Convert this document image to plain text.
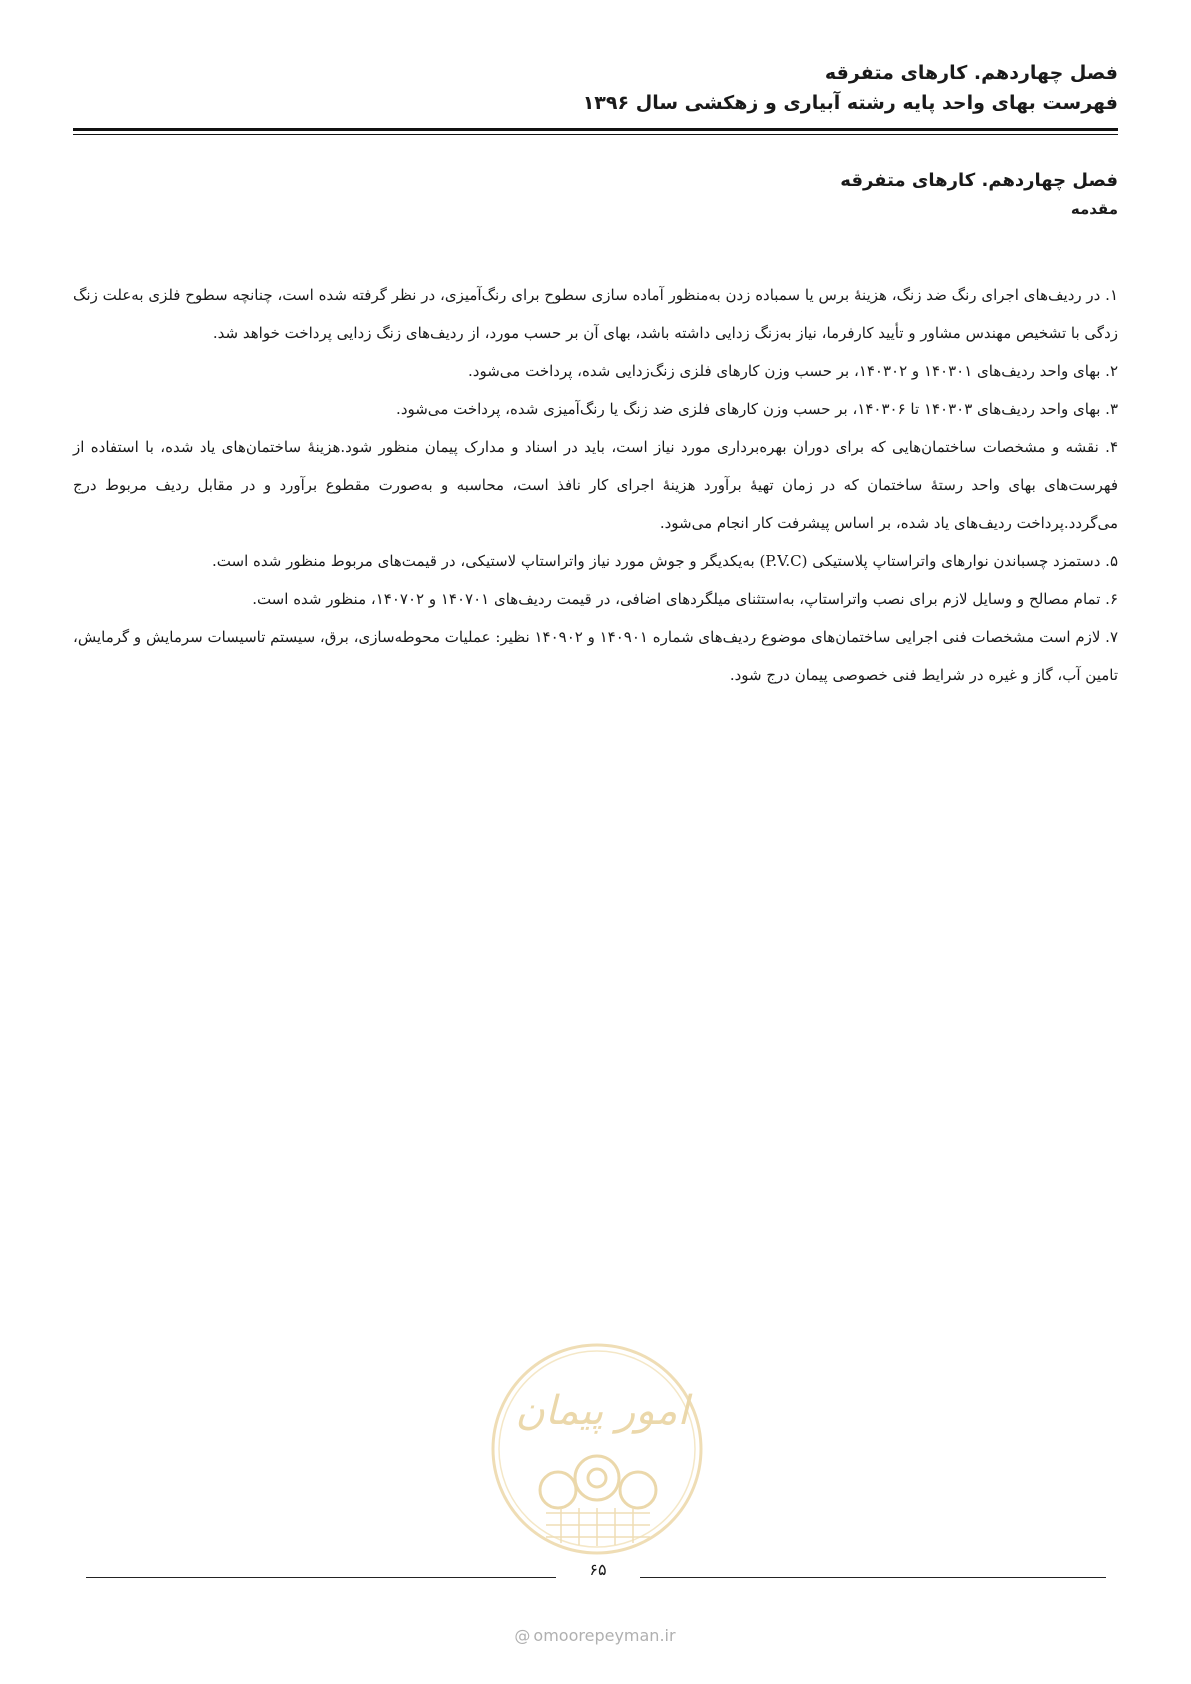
فصل چهاردهم. کارهای متفرقه

فهرست بهای واحد پایه رشته آبیاری و زهکشی سال ۱۳۹۶

فصل چهاردهم. کارهای متفرقه

مقدمه

۱. در ردیف‌های اجرای رنگ ضد زنگ، هزینهٔ برس یا سمباده زدن به‌منظور آماده سازی سطوح برای رنگ‌آمیزی، در نظر گرفته شده است، چنانچه سطوح فلزی به‌علت زنگ زدگی با تشخیص مهندس مشاور و تأیید کارفرما، نیاز به‌زنگ زدایی داشته باشد، بهای آن بر حسب مورد، از ردیف‌های زنگ زدایی پرداخت خواهد شد.

۲. بهای واحد ردیف‌های ۱۴۰۳۰۱ و ۱۴۰۳۰۲، بر حسب وزن کارهای فلزی زنگ‌زدایی شده، پرداخت می‌شود.

۳. بهای واحد ردیف‌های ۱۴۰۳۰۳ تا ۱۴۰۳۰۶، بر حسب وزن کارهای فلزی ضد زنگ یا رنگ‌آمیزی شده، پرداخت می‌شود.

۴. نقشه و مشخصات ساختمان‌هایی که برای دوران بهره‌برداری مورد نیاز است، باید در اسناد و مدارک پیمان منظور شود.هزینهٔ ساختمان‌های یاد شده، با استفاده از فهرست‌های بهای واحد رستهٔ ساختمان که در زمان تهیهٔ برآورد هزینهٔ اجرای کار نافذ است، محاسبه و به‌صورت مقطوع برآورد و در مقابل ردیف مربوط درج می‌گردد.پرداخت ردیف‌های یاد شده، بر اساس پیشرفت کار انجام می‌شود.

۵. دستمزد چسباندن نوارهای واتراستاپ پلاستیکی (P.V.C) به‌یکدیگر و جوش مورد نیاز واتراستاپ لاستیکی، در قیمت‌های مربوط منظور شده است.

۶. تمام مصالح و وسایل لازم برای نصب واتراستاپ، به‌استثنای میلگردهای اضافی، در قیمت ردیف‌های ۱۴۰۷۰۱ و ۱۴۰۷۰۲، منظور شده است.

۷. لازم است مشخصات فنی اجرایی ساختمان‌های موضوع ردیف‌های شماره ۱۴۰۹۰۱ و ۱۴۰۹۰۲ نظیر: عملیات محوطه‌سازی، برق، سیستم تاسیسات سرمایش و گرمایش، تامین آب، گاز و غیره در شرایط فنی خصوصی پیمان درج شود.

امور پیمان
۶۵
@ omoorepeyman.ir
